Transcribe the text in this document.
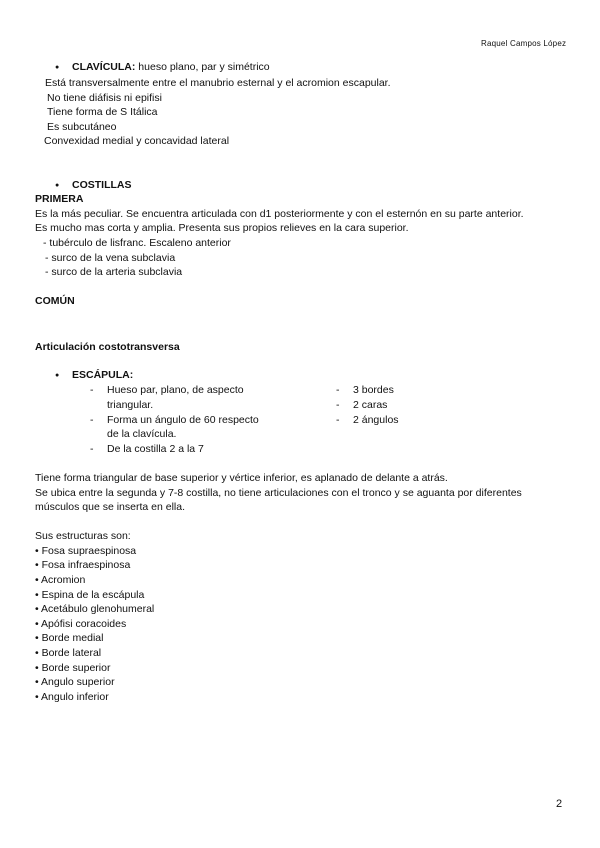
Raquel Campos López
● CLAVÍCULA: hueso plano, par y simétrico
Está transversalmente entre el manubrio esternal y el acromion escapular.
No tiene diáfisis ni epifisi
Tiene forma de S Itálica
Es subcutáneo
Convexidad medial y concavidad lateral
● COSTILLAS
PRIMERA
Es la más peculiar. Se encuentra articulada con d1 posteriormente y con el esternón en su parte anterior.
Es mucho mas corta y amplia. Presenta sus propios relieves en la cara superior.
- tubérculo de lisfranc. Escaleno anterior
- surco de la vena subclavia
- surco de la arteria subclavia
COMÚN
Articulación costotransversa
● ESCÁPULA:
- Hueso par, plano, de aspecto
triangular.
- Forma un ángulo de 60 respecto
de la clavícula.
- De la costilla 2 a la 7
- 3 bordes
- 2 caras
- 2 ángulos
Tiene forma triangular de base superior y vértice inferior, es aplanado de delante a atrás.
Se ubica entre la segunda y 7-8 costilla, no tiene articulaciones con el tronco y se aguanta por diferentes
músculos que se inserta en ella.
Sus estructuras son:
• Fosa supraespinosa
• Fosa infraespinosa
• Acromion
• Espina de la escápula
• Acetábulo glenohumeral
• Apófisi coracoides
• Borde medial
• Borde lateral
• Borde superior
• Angulo superior
• Angulo inferior
2
